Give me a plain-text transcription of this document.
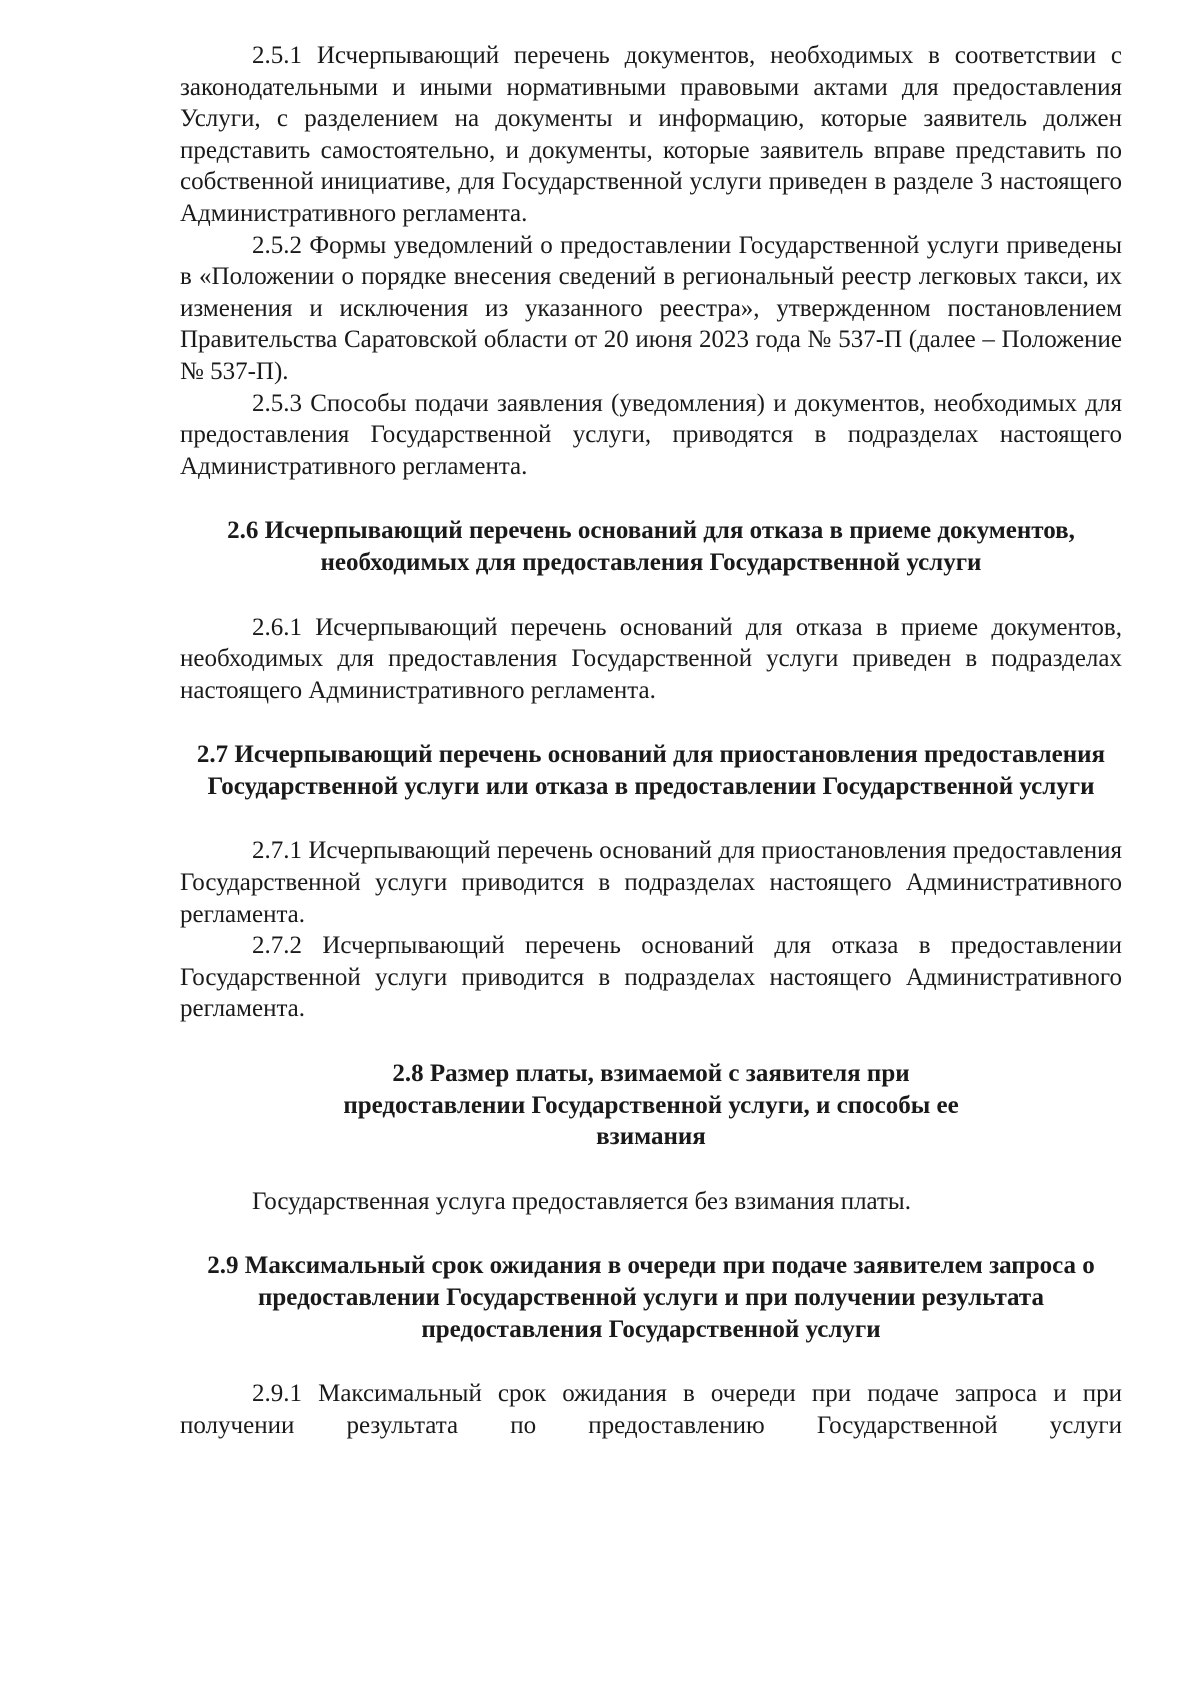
2.5.1 Исчерпывающий перечень документов, необходимых в соответствии с законодательными и иными нормативными правовыми актами для предоставления Услуги, с разделением на документы и информацию, которые заявитель должен представить самостоятельно, и документы, которые заявитель вправе представить по собственной инициативе, для Государственной услуги приведен в разделе 3 настоящего Административного регламента.

2.5.2 Формы уведомлений о предоставлении Государственной услуги приведены в «Положении о порядке внесения сведений в региональный реестр легковых такси, их изменения и исключения из указанного реестра», утвержденном постановлением Правительства Саратовской области от 20 июня 2023 года № 537-П (далее – Положение № 537-П).

2.5.3 Способы подачи заявления (уведомления) и документов, необходимых для предоставления Государственной услуги, приводятся в подразделах настоящего Административного регламента.

2.6 Исчерпывающий перечень оснований для отказа в приеме документов, необходимых для предоставления Государственной услуги

2.6.1 Исчерпывающий перечень оснований для отказа в приеме документов, необходимых для предоставления Государственной услуги приведен в подразделах настоящего Административного регламента.

2.7 Исчерпывающий перечень оснований для приостановления предоставления Государственной услуги или отказа в предоставлении Государственной услуги

2.7.1 Исчерпывающий перечень оснований для приостановления предоставления Государственной услуги приводится в подразделах настоящего Административного регламента.

2.7.2 Исчерпывающий перечень оснований для отказа в предоставлении Государственной услуги приводится в подразделах настоящего Административного регламента.

2.8 Размер платы, взимаемой с заявителя при предоставлении Государственной услуги, и способы ее взимания

Государственная услуга предоставляется без взимания платы.

2.9 Максимальный срок ожидания в очереди при подаче заявителем запроса о предоставлении Государственной услуги и при получении результата предоставления Государственной услуги

2.9.1 Максимальный срок ожидания в очереди при подаче запроса и при получении результата по предоставлению Государственной услуги
